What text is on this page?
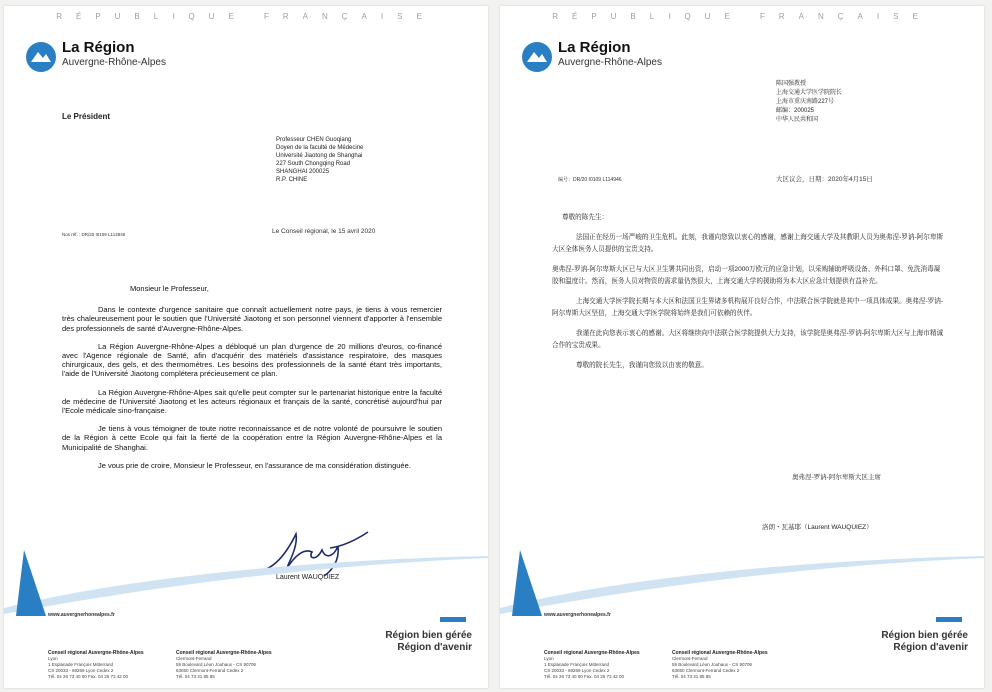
RÉPUBLIQUE FRANÇAISE
La Région
Auvergne-Rhône-Alpes
Le Président
Professeur CHEN Guoqiang
Doyen de la faculté de Médecine
Université Jiaotong de Shanghai
227 South Chongqing Road
SHANGHAI 200025
R.P. CHINE
Nos réf. : DR/20 I0109 L114946	Le Conseil régional, le 15 avril 2020

Monsieur le Professeur,

Dans le contexte d'urgence sanitaire que connaît actuellement notre pays, je tiens à vous remercier très chaleureusement pour le soutien que l'Université Jiaotong et son personnel viennent d'apporter à l'ensemble des professionnels de santé d'Auvergne-Rhône-Alpes.

La Région Auvergne-Rhône-Alpes a débloqué un plan d'urgence de 20 millions d'euros, co-financé avec l'Agence régionale de Santé, afin d'acquérir des matériels d'assistance respiratoire, des masques chirurgicaux, des gels, et des thermomètres. Les besoins des professionnels de la santé étant très importants, l'aide de l'Université Jiaotong complétera précieusement ce plan.

La Région Auvergne-Rhône-Alpes sait qu'elle peut compter sur le partenariat historique entre la faculté de médecine de l'Université Jiaotong et les acteurs régionaux et français de la santé, concrétisé aujourd'hui par l'Ecole médicale sino-française.

Je tiens à vous témoigner de toute notre reconnaissance et de notre volonté de poursuivre le soutien de la Région à cette Ecole qui fait la fierté de la coopération entre la Région Auvergne-Rhône-Alpes et la Municipalité de Shanghai.

Je vous prie de croire, Monsieur le Professeur, en l'assurance de ma considération distinguée.

Laurent WAUQUIEZ
www.auvergnerhonealpes.fr
Conseil régional Auvergne-Rhône-Alpes
Lyon
1 Esplanade François Mitterrand
CS 20033 - 69269 Lyon Cedex 2
Tél. 04 26 73 40 00 Fax. 04 26 73 42 00
Conseil régional Auvergne-Rhône-Alpes
Clermont-Ferrand
59 Boulevard Léon Jouhaux - CS 90706
63050 Clermont-Ferrand Cedex 2
Tél. 04 73 31 85 85
Région bien gérée
Région d'avenir
RÉPUBLIQUE FRANÇAISE
La Région
Auvergne-Rhône-Alpes
陈国强教授
上海交通大学医学院院长
上海市重庆南路227号
邮编：200025
中华人民共和国
编号：DR/20 I0109 L114946	大区议会，日期：2020年4月15日

尊敬的陈先生：

法国正在经历一场严峻的卫生危机。此刻，我谨向您致以衷心的感谢，感谢上海交通大学及其教职人员为奥弗涅-罗讷-阿尔卑斯大区全体医务人员提供的宝贵支持。

奥弗涅-罗讷-阿尔卑斯大区已与大区卫生署共同出资，启动一项2000万欧元的应急计划，以采购辅助呼吸设备、外科口罩、免洗消毒凝胶和温度计。然而，医务人员对物资的需求量仍然很大，上海交通大学的援助将为本大区应急计划提供有益补充。

上海交通大学医学院长期与本大区和法国卫生界诸多机构展开良好合作，中法联合医学院就是其中一项具体成果。奥弗涅-罗讷-阿尔卑斯大区坚信，上海交通大学医学院将始终是我们可依赖的伙伴。

我谨在此向您表示衷心的感谢。大区将继续向中法联合医学院提供大力支持，该学院是奥弗涅-罗讷-阿尔卑斯大区与上海市精诚合作的宝贵成果。

尊敬的院长先生，我谨向您致以由衷的敬意。

奥弗涅-罗讷-阿尔卑斯大区主席
洛朗・瓦基耶（Laurent WAUQUIEZ）
www.auvergnerhonealpes.fr
Conseil régional Auvergne-Rhône-Alpes
Lyon
1 Esplanade François Mitterrand
CS 20033 - 69269 Lyon Cedex 2
Tél. 04 26 73 40 00 Fax. 04 26 73 42 00
Conseil régional Auvergne-Rhône-Alpes
Clermont-Ferrand
59 Boulevard Léon Jouhaux - CS 90706
63050 Clermont-Ferrand Cedex 2
Tél. 04 73 31 85 85
Région bien gérée
Région d'avenir
